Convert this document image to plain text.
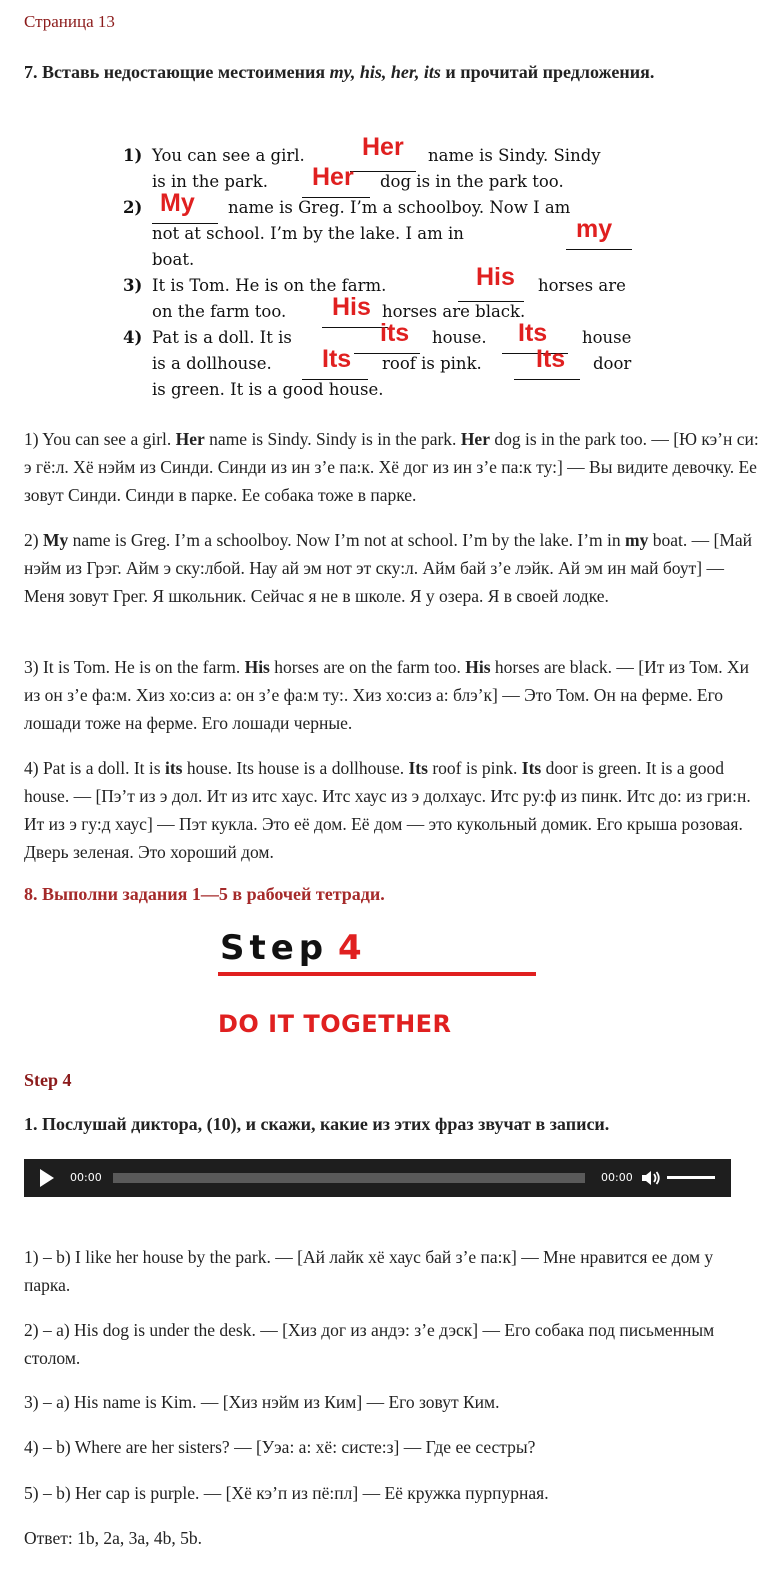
Страница 13
7. Вставь недостающие местоимения my, his, her, its и прочитай предложения.
1)
2)
3)
4)
You can see a girl. Her name is Sindy. Sindy
is in the park. Her dog is in the park too.
My name is Greg. I’m a schoolboy. Now I am
not at school. I’m by the lake. I am in	my
boat.
It is Tom. He is on the farm.	His horses are
on the farm too. His horses are black.
Pat is a doll. It is	its house. Its house
is a dollhouse. Its roof is pink. Its door
is green. It is a good house.
1) You can see a girl. Her name is Sindy. Sindy is in the park. Her dog is in the park too. — [Ю кэ’н си: э гё:л. Хё нэйм из Синди. Синди из ин з’е па:к. Хё дог из ин з’е па:к ту:] — Вы видите девочку. Ее зовут Синди. Синди в парке. Ее собака тоже в парке.
2) My name is Greg. I’m a schoolboy. Now I’m not at school. I’m by the lake. I’m in my boat. — [Май нэйм из Грэг. Айм э ску:лбой. Нау ай эм нот эт ску:л. Айм бай з’е лэйк. Ай эм ин май боут] — Меня зовут Грег. Я школьник. Сейчас я не в школе. Я у озера. Я в своей лодке.
3) It is Tom. He is on the farm. His horses are on the farm too. His horses are black. — [Ит из Том. Хи из он з’е фа:м. Хиз хо:сиз а: он з’е фа:м ту:. Хиз хо:сиз а: блэ’к] — Это Том. Он на ферме. Его лошади тоже на ферме. Его лошади черные.
4) Pat is a doll. It is its house. Its house is a dollhouse. Its roof is pink. Its door is green. It is a good house. — [Пэ’т из э дол. Ит из итс хаус. Итс хаус из э долхаус. Итс ру:ф из пинк. Итс до: из гри:н. Ит из э гу:д хаус] — Пэт кукла. Это её дом. Её дом — это кукольный домик. Его крыша розовая. Дверь зеленая. Это хороший дом.
8. Выполни задания 1—5 в рабочей тетради.
Step 4
DO IT TOGETHER
Step 4
1. Послушай диктора, (10), и скажи, какие из этих фраз звучат в записи.
00:00	00:00
1) – b) I like her house by the park. — [Ай лайк хё хаус бай з’е па:к] — Мне нравится ее дом у парка.
2) – a) His dog is under the desk. — [Хиз дог из андэ: з’е дэск] — Его собака под письменным столом.
3) – a) His name is Kim. — [Хиз нэйм из Ким] — Его зовут Ким.
4) – b) Where are her sisters? — [Уэа: а: хё: систе:з] — Где ее сестры?
5) – b) Her cap is purple. — [Хё кэ’п из пё:пл] — Её кружка пурпурная.
Ответ: 1b, 2a, 3a, 4b, 5b.
